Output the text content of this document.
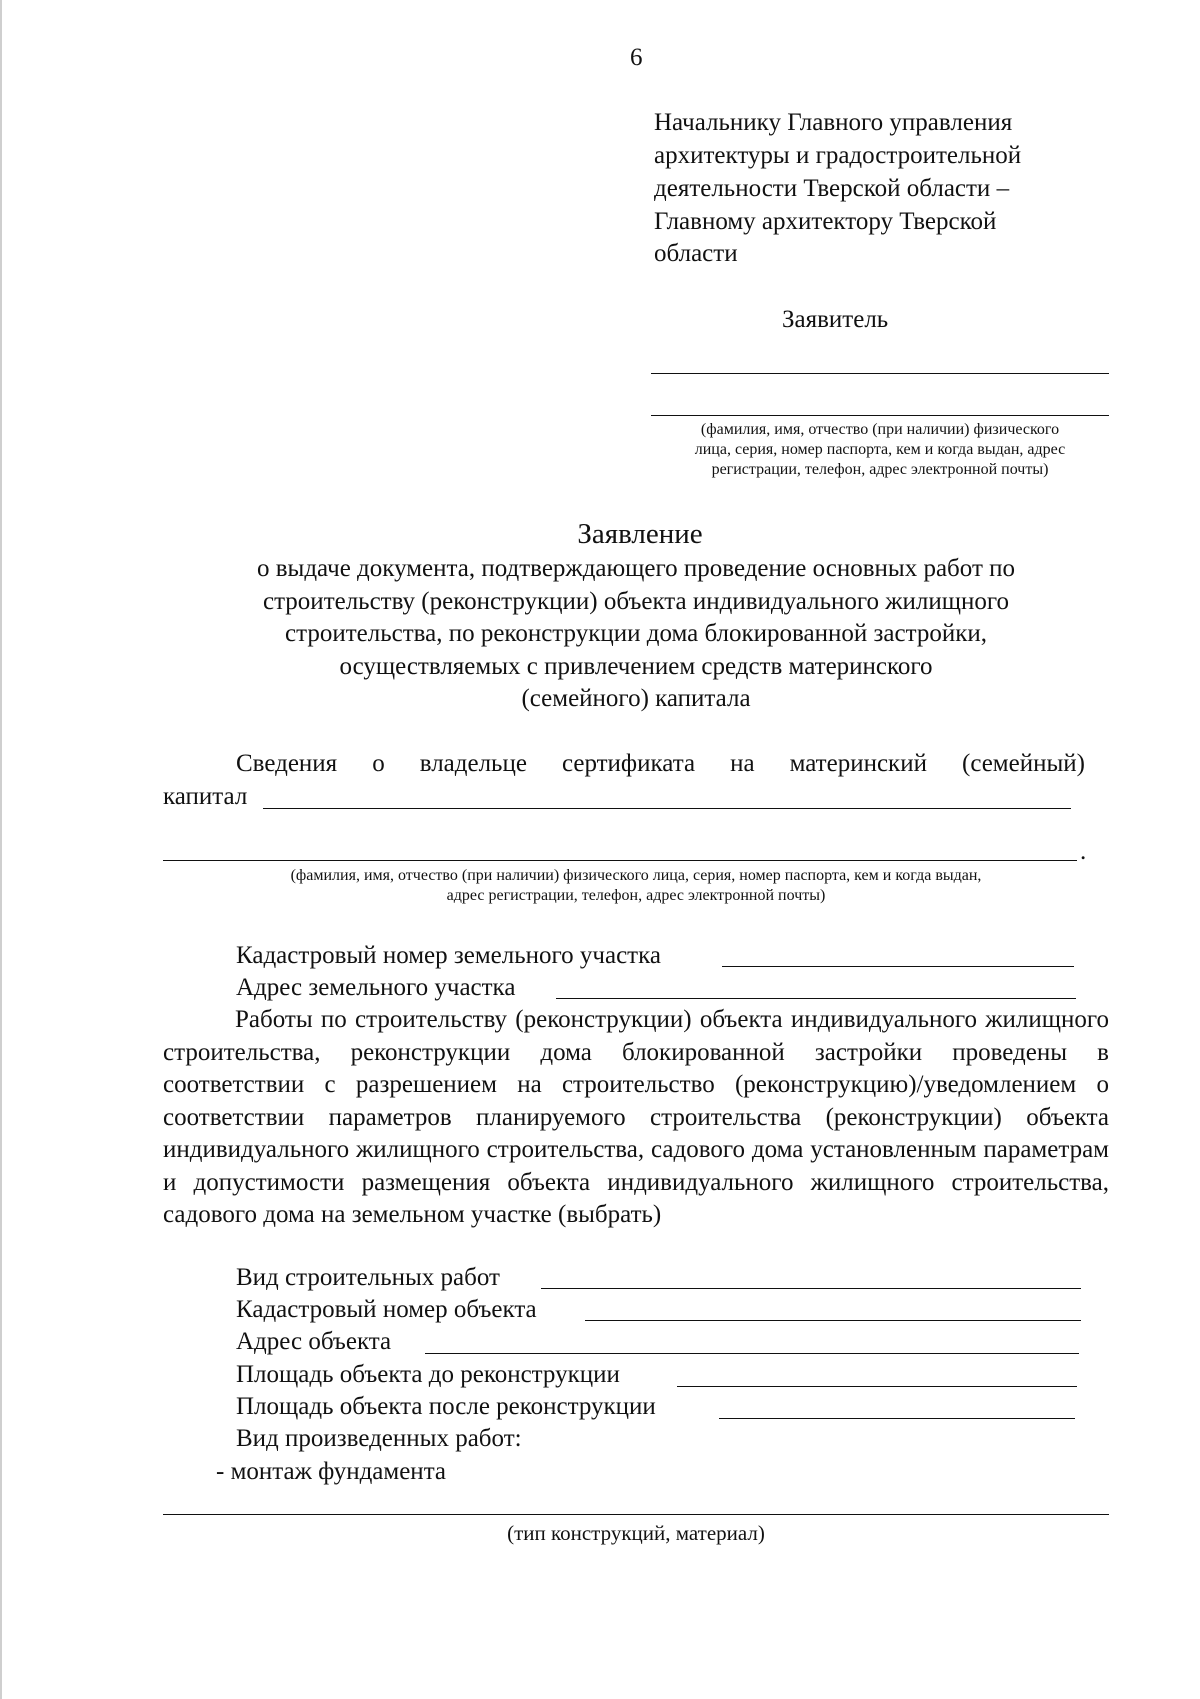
6
Начальнику Главного управления
архитектуры и градостроительной
деятельности Тверской области –
Главному архитектору Тверской
области
Заявитель
(фамилия, имя, отчество (при наличии) физического
лица, серия, номер паспорта, кем и когда выдан, адрес
регистрации, телефон, адрес электронной почты)
Заявление
о выдаче документа, подтверждающего проведение основных работ по
строительству (реконструкции) объекта индивидуального жилищного
строительства, по реконструкции дома блокированной застройки,
осуществляемых с привлечением средств материнского
(семейного) капитала
Сведения о владельце сертификата на материнский (семейный)
капитал
.
(фамилия, имя, отчество (при наличии) физического лица, серия, номер паспорта, кем и когда выдан,
адрес регистрации, телефон, адрес электронной почты)
Кадастровый номер земельного участка
Адрес земельного участка

Работы по строительству (реконструкции) объекта индивидуального жилищного строительства, реконструкции дома блокированной застройки проведены в соответствии с разрешением на строительство (реконструкцию)/уведомлением о соответствии параметров планируемого строительства (реконструкции) объекта индивидуального жилищного строительства, садового дома установленным параметрам и допустимости размещения объекта индивидуального жилищного строительства, садового дома на земельном участке (выбрать)

Вид строительных работ
Кадастровый номер объекта
Адрес объекта
Площадь объекта до реконструкции
Площадь объекта после реконструкции
Вид произведенных работ:
- монтаж фундамента
(тип конструкций, материал)
